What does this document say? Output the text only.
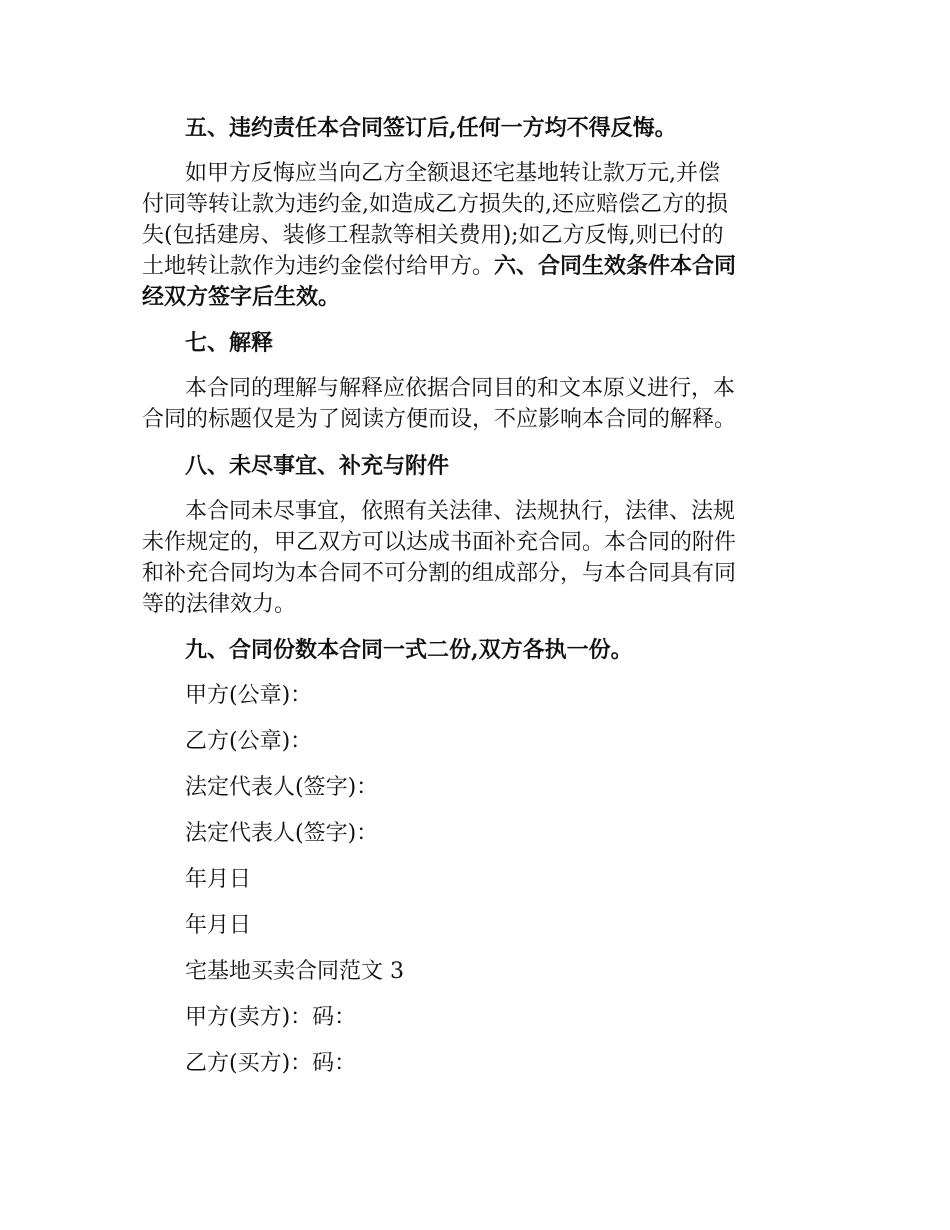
五、违约责任本合同签订后,任何一方均不得反悔。
如甲方反悔应当向乙方全额退还宅基地转让款万元,并偿
付同等转让款为违约金,如造成乙方损失的,还应赔偿乙方的损
失(包括建房、装修工程款等相关费用);如乙方反悔,则已付的
土地转让款作为违约金偿付给甲方。六、合同生效条件本合同
经双方签字后生效。
七、解释
本合同的理解与解释应依据合同目的和文本原义进行，本
合同的标题仅是为了阅读方便而设，不应影响本合同的解释。
八、未尽事宜、补充与附件
本合同未尽事宜，依照有关法律、法规执行，法律、法规
未作规定的，甲乙双方可以达成书面补充合同。本合同的附件
和补充合同均为本合同不可分割的组成部分，与本合同具有同
等的法律效力。
九、合同份数本合同一式二份,双方各执一份。
甲方(公章)：
乙方(公章)：
法定代表人(签字)：
法定代表人(签字)：
年月日
年月日
宅基地买卖合同范文 3
甲方(卖方)：码：
乙方(买方)：码：
